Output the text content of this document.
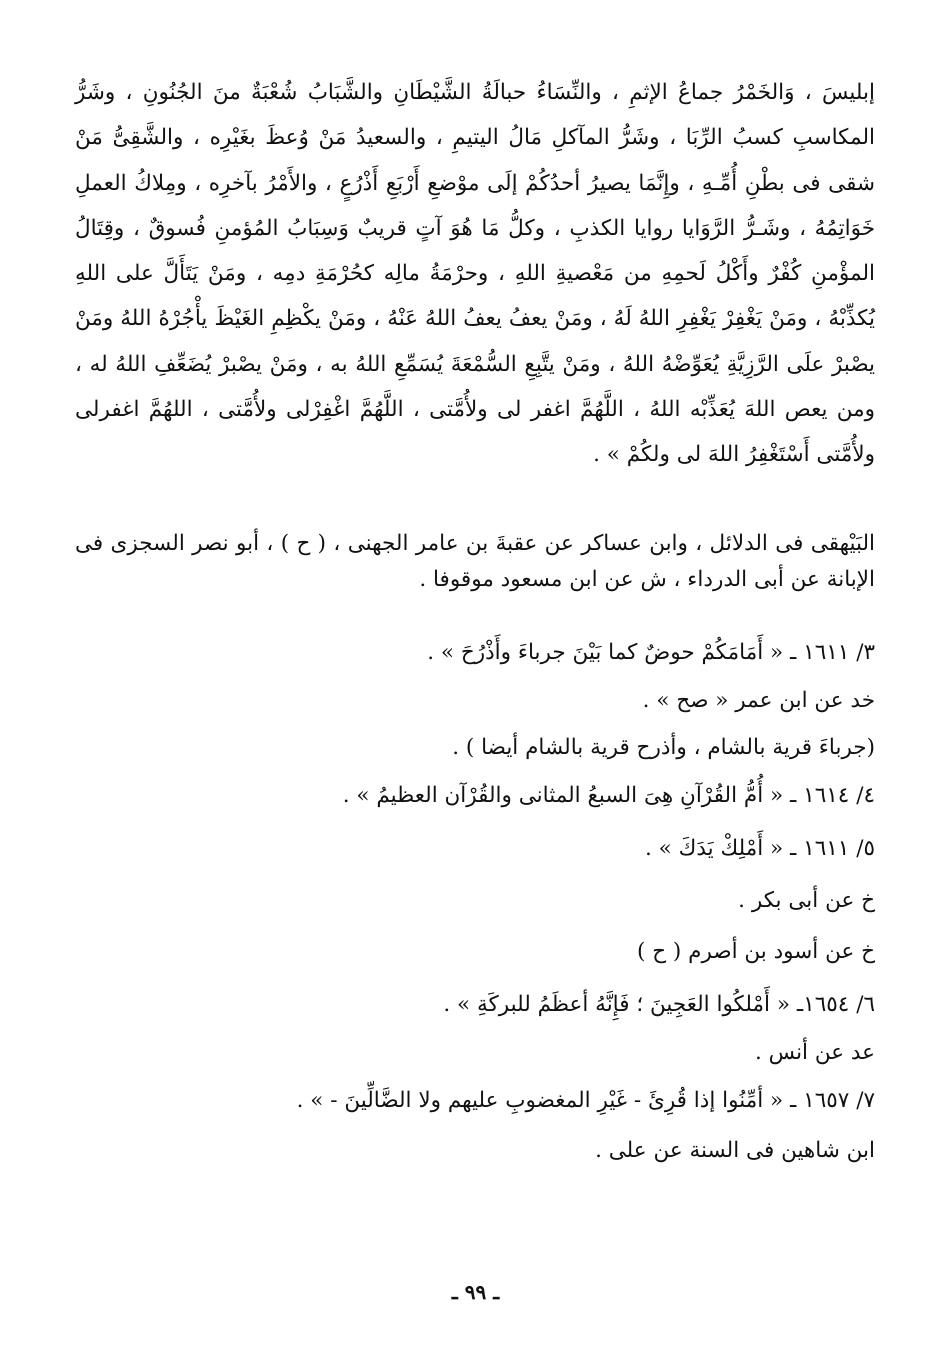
إبليسَ ، وَالخَمْرُ جماعُ الإثمِ ، والنِّسَاءُ حبالَةُ الشَّيْطَانِ والشَّبَابُ شُعْبَةٌ منَ الجُنُونِ ، وشَرُّ المكاسبِ كسبُ الرِّبَا ، وشَرُّ المآكلِ مَالُ اليتيمِ ، والسعيدُ مَنْ وُعظَ بغَيْرِه ، والشَّقِىُّ مَنْ شقى فى بطْنِ أُمِّـهِ ، وإِنَّمَا يصيرُ أحدُكُمْ إلَى موْضعِ أَرْبَعِ أَذْرُعٍ ، والأَمْرُ بآخرِه ، ومِلاكُ العملِ خَوَاتِمُهُ ، وشَـرُّ الرَّوَايا روايا الكذبِ ، وكلُّ مَا هُوَ آتٍ قريبٌ وَسِبَابُ المُؤمنِ فُسوقٌ ، وقِتَالُ المؤْمنِ كُفْرٌ وأَكْلُ لَحمِهِ من مَعْصيةِ اللهِ ، وحرْمَةُ مالِه كحُرْمَةِ دمِه ، ومَنْ يَتَأَلَّ على اللهِ يُكذِّبْهُ ، ومَنْ يَغْفِرْ يَغْفِرِ اللهُ لَهُ ، ومَنْ يعفُ يعفُ اللهُ عَنْهُ ، ومَنْ يكْظِمِ الغَيْظَ يأْجُرْهُ اللهُ ومَنْ يصْبرْ علَى الرَّزِيَّةِ يُعَوِّضْهُ اللهُ ، ومَنْ يتَّبِعِ السُّمْعَةَ يُسَمِّعِ اللهُ به ، ومَنْ يصْبرْ يُضَعِّفِ اللهُ له ، ومن يعص اللهَ يُعَذِّبْه اللهُ ، اللَّهُمَّ اغفر لى ولأُمَّتى ، اللَّهُمَّ اغْفِرْلى ولأُمَّتى ، اللهُمَّ اغفرلى ولأُمَّتى أَسْتَغْفِرُ اللهَ لى ولكُمْ » .

البَيْهقى فى الدلائل ، وابن عساكر عن عقبةَ بن عامر الجهنى ، ( ح ) ، أبو نصر السجزى فى الإبانة عن أبى الدرداء ، ش عن ابن مسعود موقوفا .

٣/ ١٦١١ ـ « أَمَامَكُمْ حوضٌ كما بَيْنَ جرباءَ وأَذْرُحَ » .

خد عن ابن عمر « صح » .

(جرباءَ قرية بالشام ، وأذرح قرية بالشام أيضا ) .

٤/ ١٦١٤ ـ « أُمُّ القُرْآنِ هِىَ السبعُ المثانى والقُرْآن العظيمُ » .

٥/ ١٦١١ ـ « أَمْلِكْ يَدَكَ » .

خ عن أبى بكر .

خ عن أسود بن أصرم ( ح )

٦/ ١٦٥٤ـ « أَمْلكُوا العَجِينَ ؛ فَإِنَّهُ أعظَمُ للبركَةِ » .

عد عن أنس .

٧/ ١٦٥٧ ـ « أمِّنُوا إذا قُرِئَ - غَيْرِ المغضوبِ عليهم ولا الضَّالِّينَ - » .

ابن شاهين فى السنة عن على .

ـ ٩٩ ـ
